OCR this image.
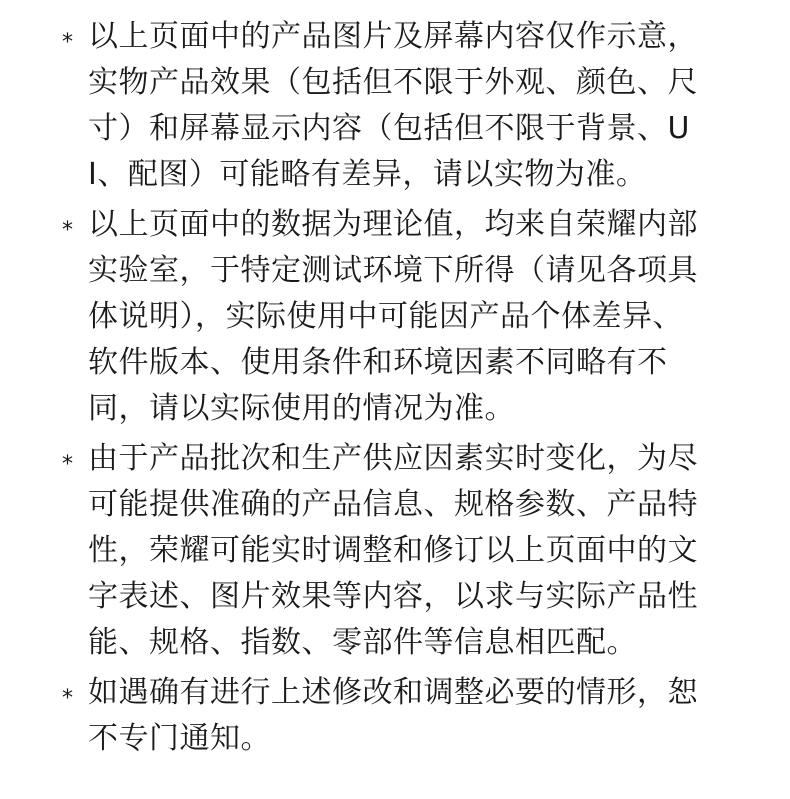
* 以上页面中的产品图片及屏幕内容仅作示意，实物产品效果（包括但不限于外观、颜色、尺寸）和屏幕显示内容（包括但不限于背景、UI、配图）可能略有差异，请以实物为准。
* 以上页面中的数据为理论值，均来自荣耀内部实验室，于特定测试环境下所得（请见各项具体说明），实际使用中可能因产品个体差异、软件版本、使用条件和环境因素不同略有不同，请以实际使用的情况为准。
* 由于产品批次和生产供应因素实时变化，为尽可能提供准确的产品信息、规格参数、产品特性，荣耀可能实时调整和修订以上页面中的文字表述、图片效果等内容，以求与实际产品性能、规格、指数、零部件等信息相匹配。
* 如遇确有进行上述修改和调整必要的情形，恕不专门通知。
